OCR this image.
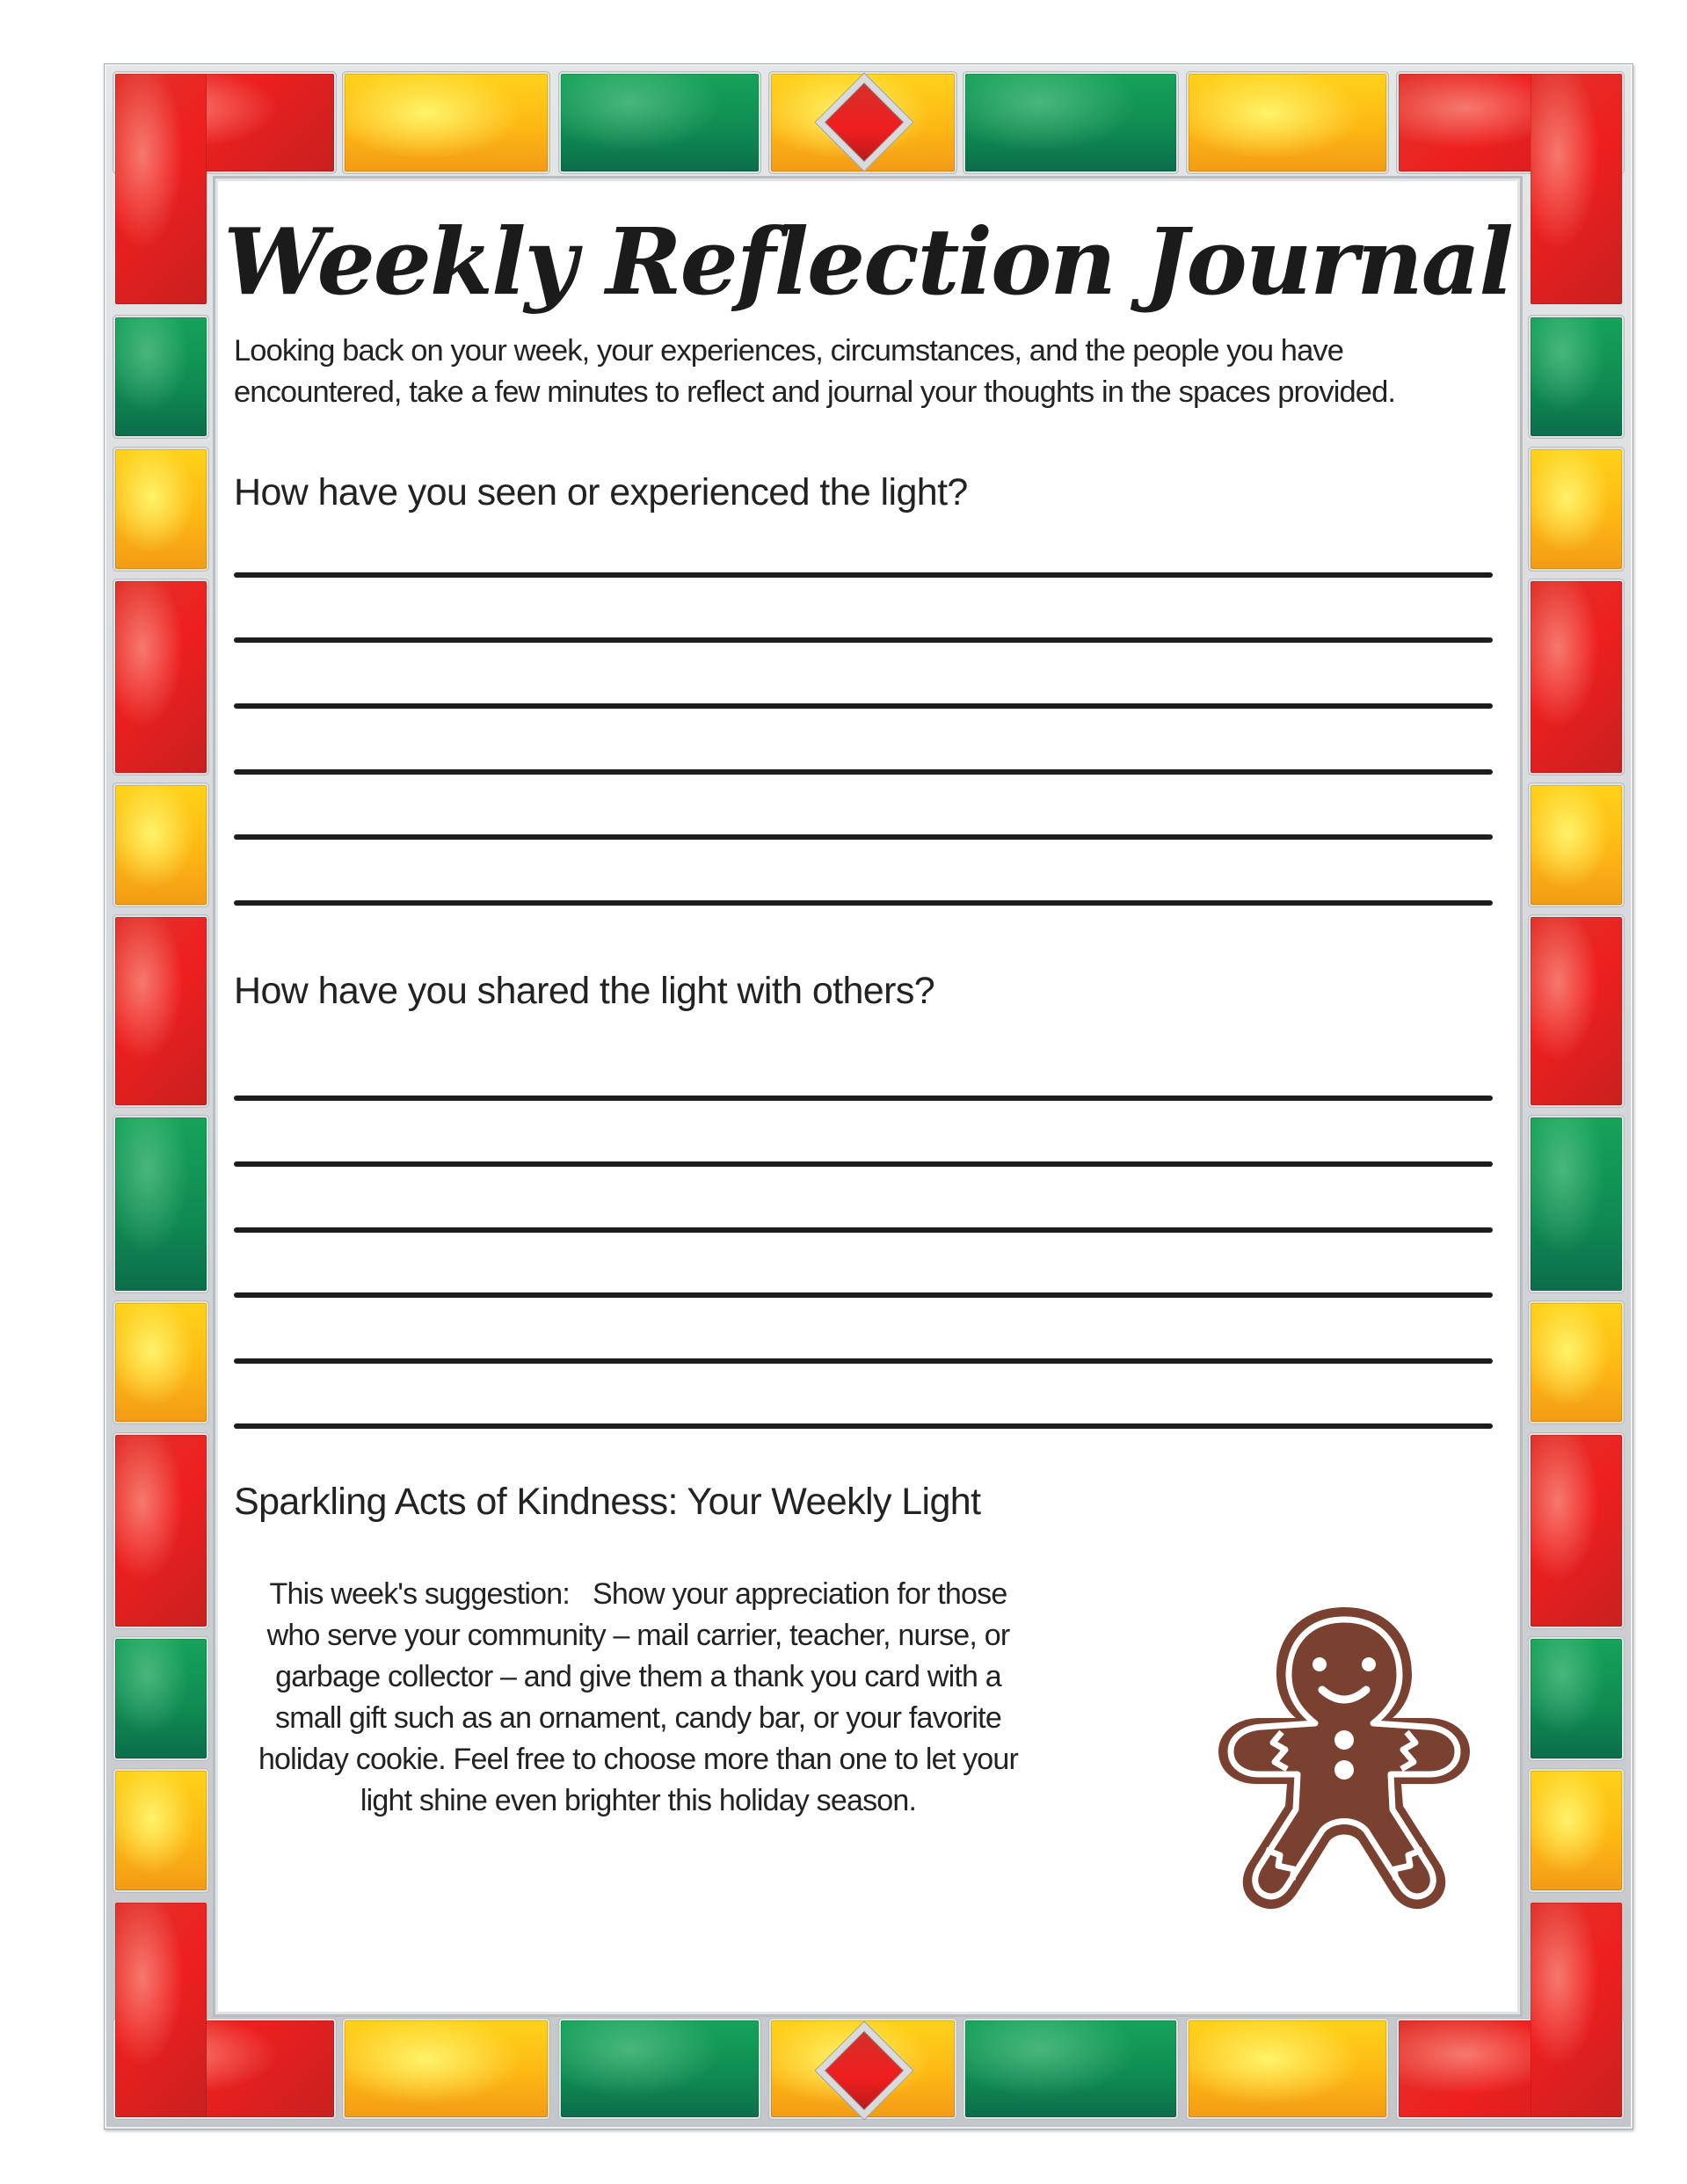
Weekly Reflection Journal
Looking back on your week, your experiences, circumstances, and the people you have
encountered, take a few minutes to reflect and journal your thoughts in the spaces provided.
How have you seen or experienced the light?
How have you shared the light with others?
Sparkling Acts of Kindness: Your Weekly Light
This week's suggestion:   Show your appreciation for those
who serve your community – mail carrier, teacher, nurse, or
garbage collector – and give them a thank you card with a
small gift such as an ornament, candy bar, or your favorite
holiday cookie. Feel free to choose more than one to let your
light shine even brighter this holiday season.
